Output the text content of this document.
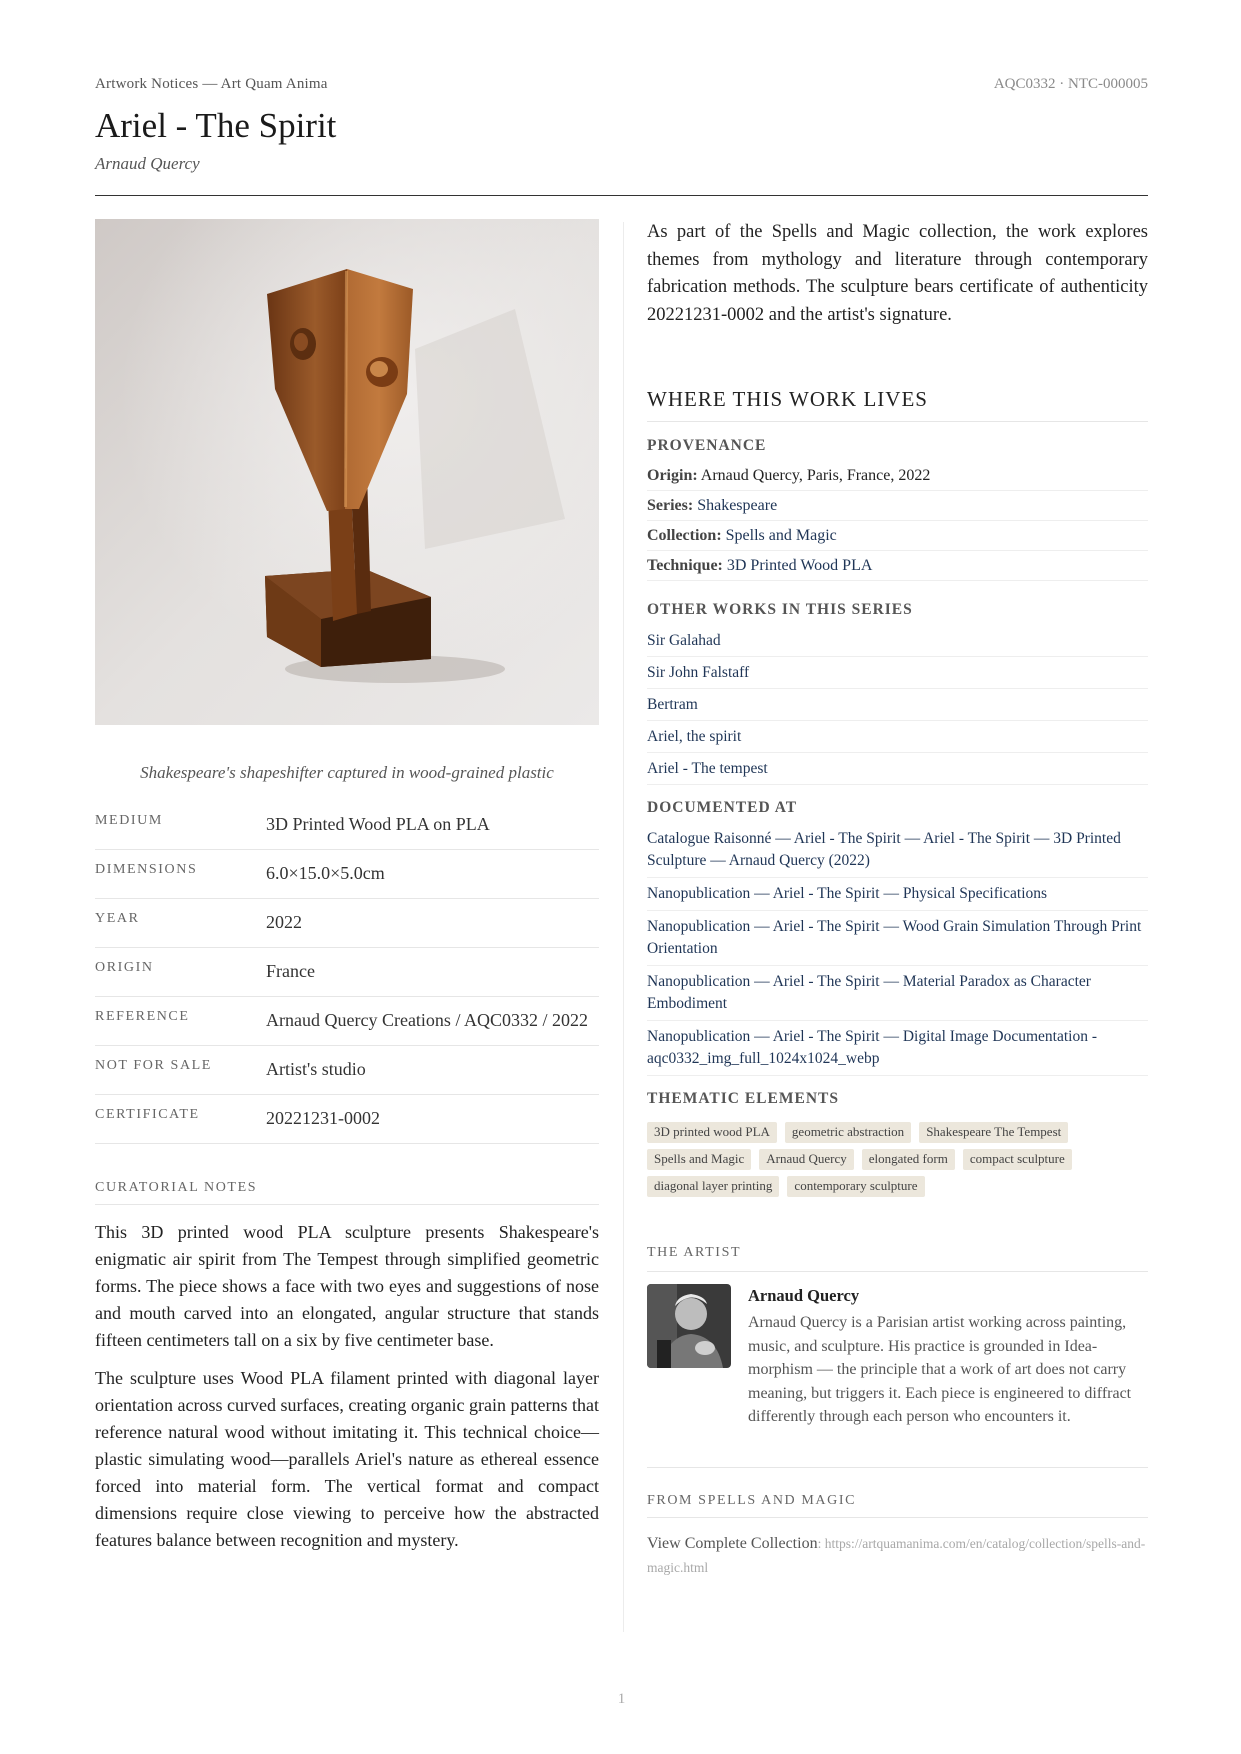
Artwork Notices — Art Quam Anima	AQC0332 · NTC-000005
Ariel - The Spirit
Arnaud Quercy
Shakespeare's shapeshifter captured in wood-grained plastic
MEDIUM	3D Printed Wood PLA on PLA
DIMENSIONS	6.0×15.0×5.0cm
YEAR	2022
ORIGIN	France
REFERENCE	Arnaud Quercy Creations / AQC0332 / 2022
NOT FOR SALE	Artist's studio
CERTIFICATE	20221231-0002
CURATORIAL NOTES

This 3D printed wood PLA sculpture presents Shakespeare's enigmatic air spirit from The Tempest through simplified geometric forms. The piece shows a face with two eyes and suggestions of nose and mouth carved into an elongated, angular structure that stands fifteen centimeters tall on a six by five centimeter base.

The sculpture uses Wood PLA filament printed with diagonal layer orientation across curved surfaces, creating organic grain patterns that reference natural wood without imitating it. This technical choice—plastic simulating wood—parallels Ariel's nature as ethereal essence forced into material form. The vertical format and compact dimensions require close viewing to perceive how the abstracted features balance between recognition and mystery.

As part of the Spells and Magic collection, the work explores themes from mythology and literature through contemporary fabrication methods. The sculpture bears certificate of authenticity 20221231-0002 and the artist's signature.

WHERE THIS WORK LIVES
PROVENANCE
Origin: Arnaud Quercy, Paris, France, 2022
Series: Shakespeare
Collection: Spells and Magic
Technique: 3D Printed Wood PLA
OTHER WORKS IN THIS SERIES
Sir Galahad
Sir John Falstaff
Bertram
Ariel, the spirit
Ariel - The tempest
DOCUMENTED AT
Catalogue Raisonné — Ariel - The Spirit — Ariel - The Spirit — 3D Printed Sculpture — Arnaud Quercy (2022)
Nanopublication — Ariel - The Spirit — Physical Specifications
Nanopublication — Ariel - The Spirit — Wood Grain Simulation Through Print Orientation
Nanopublication — Ariel - The Spirit — Material Paradox as Character Embodiment
Nanopublication — Ariel - The Spirit — Digital Image Documentation - aqc0332_img_full_1024x1024_webp
THEMATIC ELEMENTS
3D printed wood PLA	geometric abstraction	Shakespeare The Tempest
Spells and Magic	Arnaud Quercy	elongated form	compact sculpture
diagonal layer printing	contemporary sculpture
THE ARTIST
Arnaud Quercy
Arnaud Quercy is a Parisian artist working across painting, music, and sculpture. His practice is grounded in Idea-morphism — the principle that a work of art does not carry meaning, but triggers it. Each piece is engineered to diffract differently through each person who encounters it.
FROM SPELLS AND MAGIC
View Complete Collection: https://artquamanima.com/en/catalog/collection/spells-and-magic.html
1
